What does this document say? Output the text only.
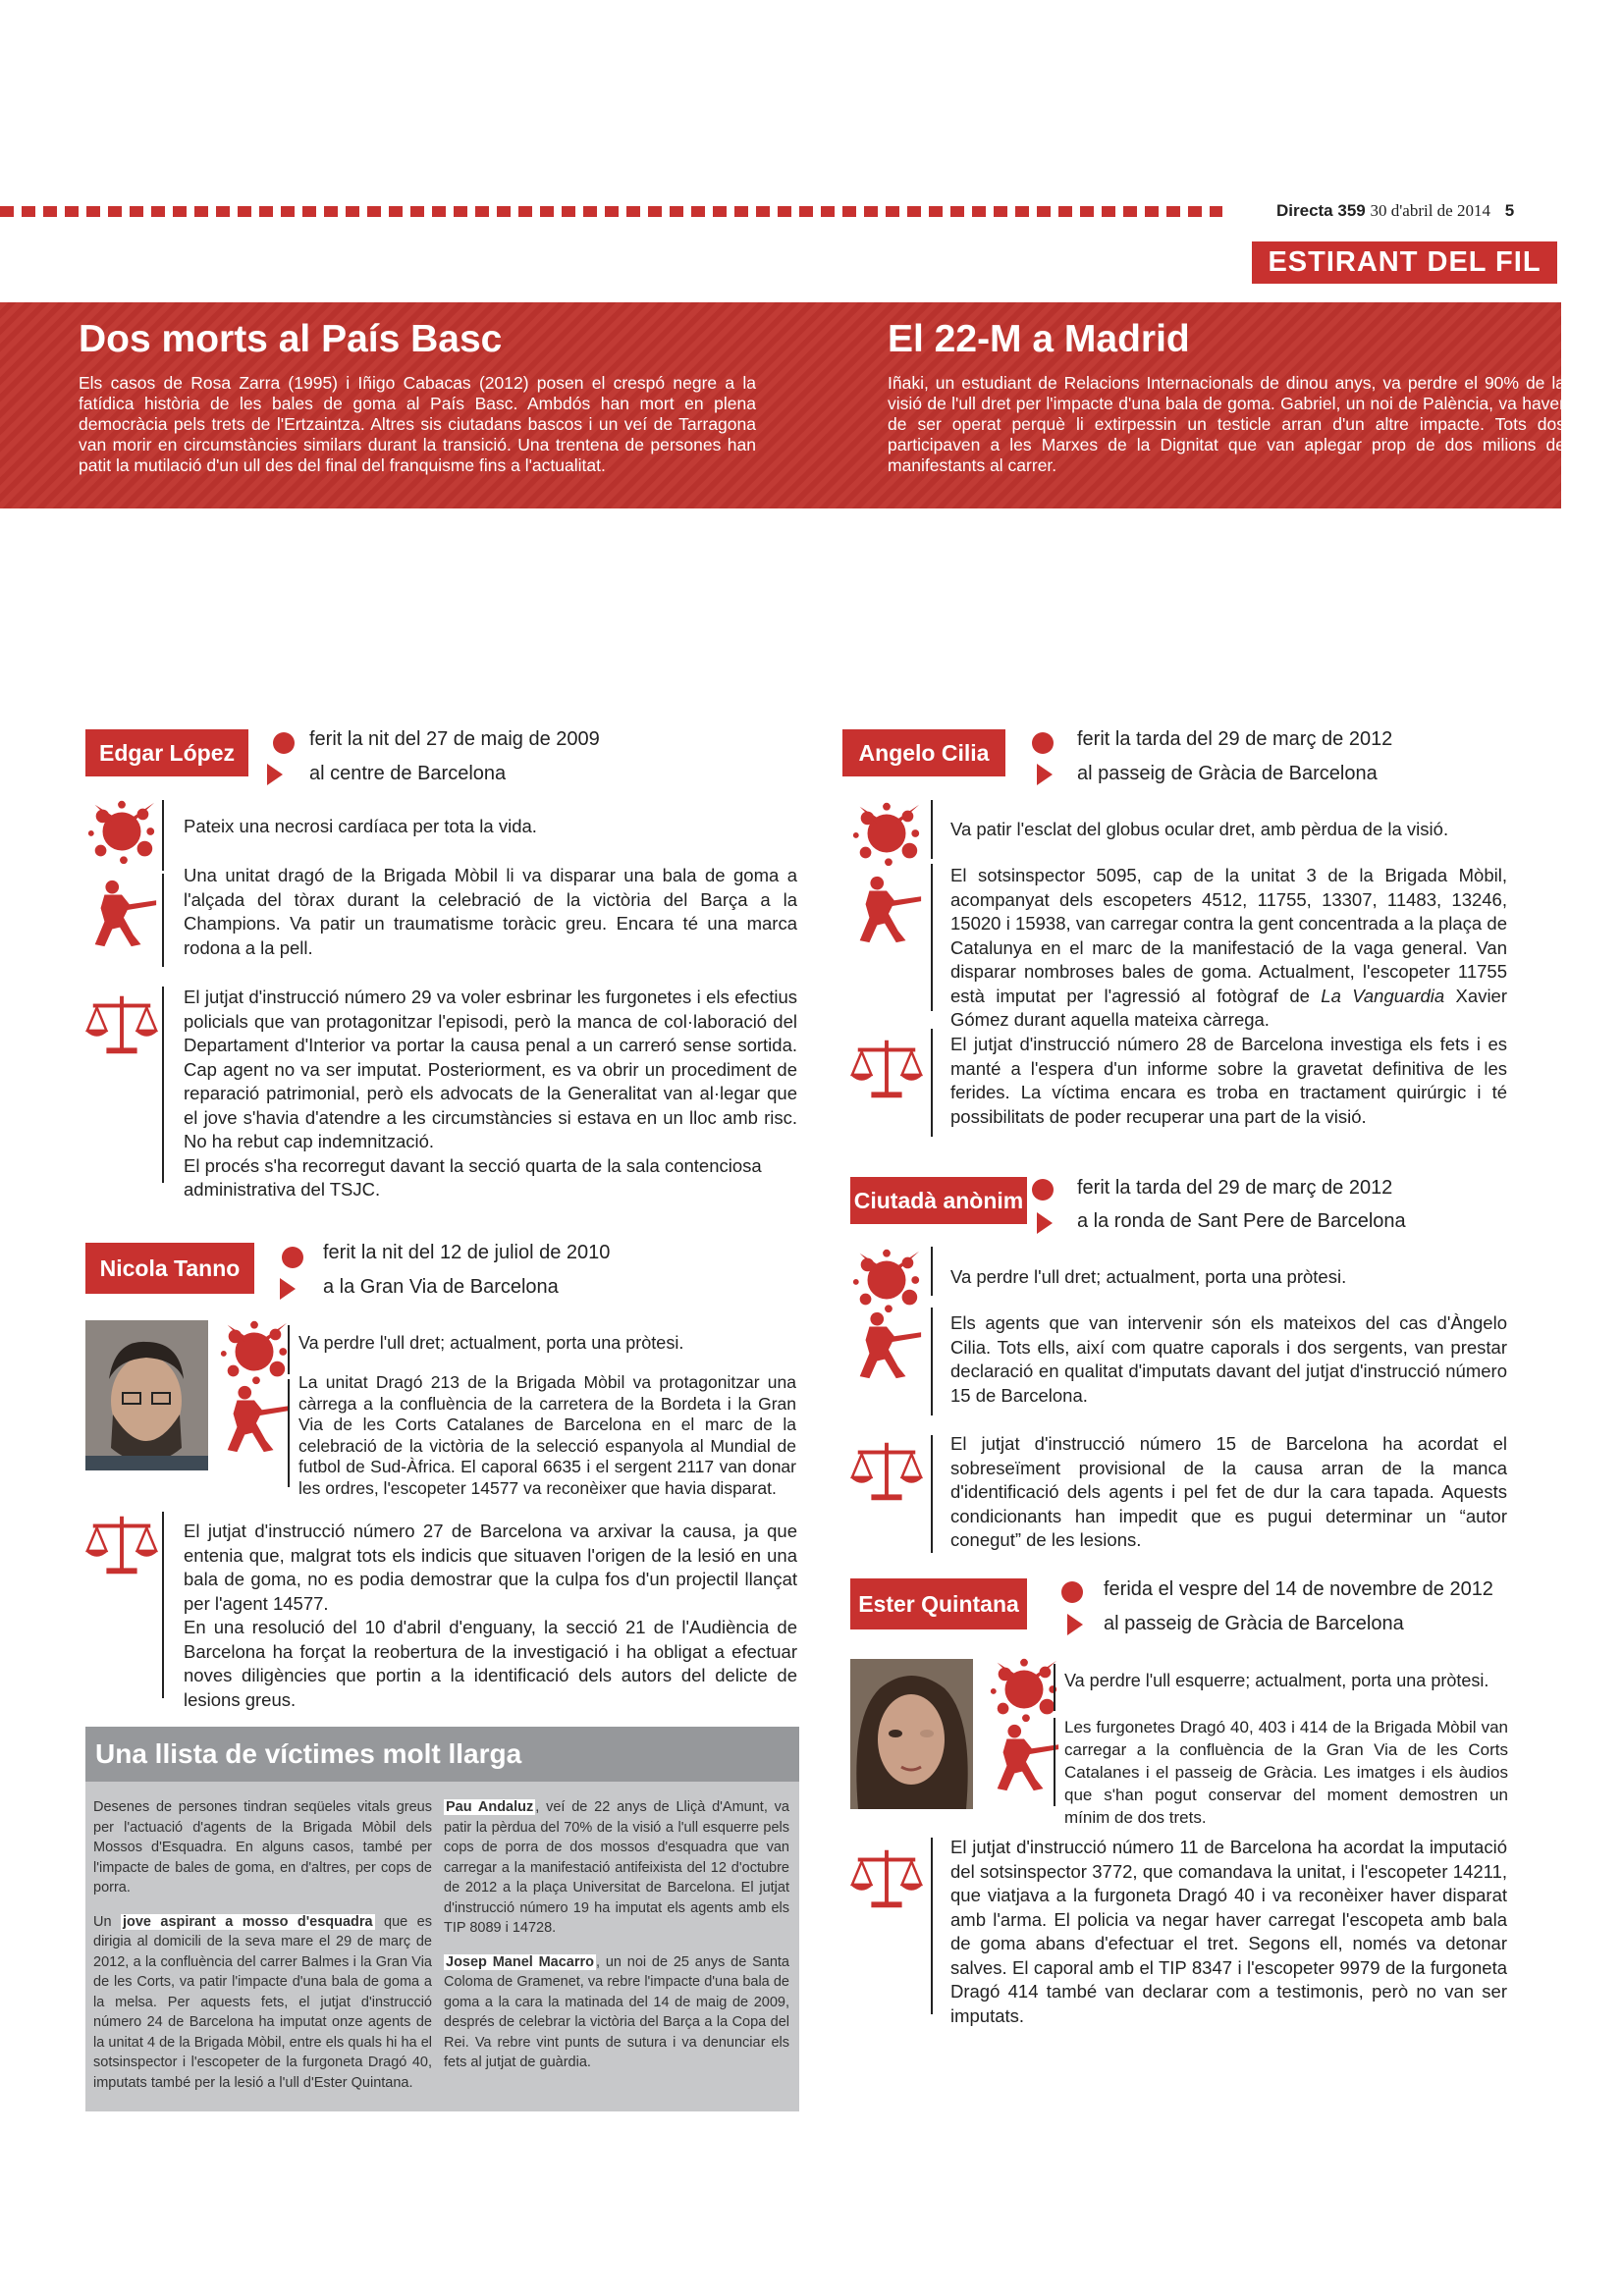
Directa 359 30 d'abril de 2014 5
ESTIRANT DEL FIL
Dos morts al País Basc

Els casos de Rosa Zarra (1995) i Iñigo Cabacas (2012) posen el crespó negre a la fatídica història de les bales de goma al País Basc. Ambdós han mort en plena democràcia pels trets de l'Ertzaintza. Altres sis ciutadans bascos i un veí de Tarragona van morir en circumstàncies similars durant la transició. Una trentena de persones han patit la mutilació d'un ull des del final del franquisme fins a l'actualitat.

El 22-M a Madrid

Iñaki, un estudiant de Relacions Internacionals de dinou anys, va perdre el 90% de la visió de l'ull dret per l'impacte d'una bala de goma. Gabriel, un noi de Palència, va haver de ser operat perquè li extirpessin un testicle arran d'un altre impacte. Tots dos participaven a les Marxes de la Dignitat que van aplegar prop de dos milions de manifestants al carrer.

Edgar López
ferit la nit del 27 de maig de 2009
al centre de Barcelona

Pateix una necrosi cardíaca per tota la vida.

Una unitat dragó de la Brigada Mòbil li va disparar una bala de goma a l'alçada del tòrax durant la celebració de la victòria del Barça a la Champions. Va patir un traumatisme toràcic greu. Encara té una marca rodona a la pell.

El jutjat d'instrucció número 29 va voler esbrinar les furgonetes i els efectius policials que van protagonitzar l'episodi, però la manca de col·laboració del Departament d'Interior va portar la causa penal a un carreró sense sortida. Cap agent no va ser imputat. Posteriorment, es va obrir un procediment de reparació patrimonial, però els advocats de la Generalitat van al·legar que el jove s'havia d'atendre a les circumstàncies si estava en un lloc amb risc. No ha rebut cap indemnització.

El procés s'ha recorregut davant la secció quarta de la sala contenciosa administrativa del TSJC.

Nicola Tanno
ferit la nit del 12 de juliol de 2010
a la Gran Via de Barcelona

Va perdre l'ull dret; actualment, porta una pròtesi.

La unitat Dragó 213 de la Brigada Mòbil va protagonitzar una càrrega a la confluència de la carretera de la Bordeta i la Gran Via de les Corts Catalanes de Barcelona en el marc de la celebració de la victòria de la selecció espanyola al Mundial de futbol de Sud-Àfrica. El caporal 6635 i el sergent 2117 van donar les ordres, l'escopeter 14577 va reconèixer que havia disparat.

El jutjat d'instrucció número 27 de Barcelona va arxivar la causa, ja que entenia que, malgrat tots els indicis que situaven l'origen de la lesió en una bala de goma, no es podia demostrar que la culpa fos d'un projectil llançat per l'agent 14577.

En una resolució del 10 d'abril d'enguany, la secció 21 de l'Audiència de Barcelona ha forçat la reobertura de la investigació i ha obligat a efectuar noves diligències que portin a la identificació dels autors del delicte de lesions greus.

Una llista de víctimes molt llarga

Desenes de persones tindran seqüeles vitals greus per l'actuació d'agents de la Brigada Mòbil dels Mossos d'Esquadra. En alguns casos, també per l'impacte de bales de goma, en d'altres, per cops de porra.

Un jove aspirant a mosso d'esquadra que es dirigia al domicili de la seva mare el 29 de març de 2012, a la confluència del carrer Balmes i la Gran Via de les Corts, va patir l'impacte d'una bala de goma a la melsa. Per aquests fets, el jutjat d'instrucció número 24 de Barcelona ha imputat onze agents de la unitat 4 de la Brigada Mòbil, entre els quals hi ha el sotsinspector i l'escopeter de la furgoneta Dragó 40, imputats també per la lesió a l'ull d'Ester Quintana.

Pau Andaluz , veí de 22 anys de Lliçà d'Amunt, va patir la pèrdua del 70% de la visió a l'ull esquerre pels cops de porra de dos mossos d'esquadra que van carregar a la manifestació antifeixista del 12 d'octubre de 2012 a la plaça Universitat de Barcelona. El jutjat d'instrucció número 19 ha imputat els agents amb els TIP 8089 i 14728.

Josep Manel Macarro , un noi de 25 anys de Santa Coloma de Gramenet, va rebre l'impacte d'una bala de goma a la cara la matinada del 14 de maig de 2009, després de celebrar la victòria del Barça a la Copa del Rei. Va rebre vint punts de sutura i va denunciar els fets al jutjat de guàrdia.

Angelo Cilia
ferit la tarda del 29 de març de 2012
al passeig de Gràcia de Barcelona

Va patir l'esclat del globus ocular dret, amb pèrdua de la visió.

El sotsinspector 5095, cap de la unitat 3 de la Brigada Mòbil, acompanyat dels escopeters 4512, 11755, 13307, 11483, 13246, 15020 i 15938, van carregar contra la gent concentrada a la plaça de Catalunya en el marc de la manifestació de la vaga general. Van disparar nombroses bales de goma. Actualment, l'escopeter 11755 està imputat per l'agressió al fotògraf de La Vanguardia Xavier Gómez durant aquella mateixa càrrega.

El jutjat d'instrucció número 28 de Barcelona investiga els fets i es manté a l'espera d'un informe sobre la gravetat definitiva de les ferides. La víctima encara es troba en tractament quirúrgic i té possibilitats de poder recuperar una part de la visió.

Ciutadà anònim	ferit la tarda del 29 de març de 2012
a la ronda de Sant Pere de Barcelona

Va perdre l'ull dret; actualment, porta una pròtesi.

Els agents que van intervenir són els mateixos del cas d'Àngelo Cilia. Tots ells, així com quatre caporals i dos sergents, van prestar declaració en qualitat d'imputats davant del jutjat d'instrucció número 15 de Barcelona.

El jutjat d'instrucció número 15 de Barcelona ha acordat el sobreseïment provisional de la causa arran de la manca d'identificació dels agents i pel fet de dur la cara tapada. Aquests condicionants han impedit que es pugui determinar un “autor conegut” de les lesions.

Ester Quintana
ferida el vespre del 14 de novembre de 2012
al passeig de Gràcia de Barcelona

Va perdre l'ull esquerre; actualment, porta una pròtesi.

Les furgonetes Dragó 40, 403 i 414 de la Brigada Mòbil van carregar a la confluència de la Gran Via de les Corts Catalanes i el passeig de Gràcia. Les imatges i els àudios que s'han pogut conservar del moment demostren un mínim de dos trets.

El jutjat d'instrucció número 11 de Barcelona ha acordat la imputació del sotsinspector 3772, que comandava la unitat, i l'escopeter 14211, que viatjava a la furgoneta Dragó 40 i va reconèixer haver disparat amb l'arma. El policia va negar haver carregat l'escopeta amb bala de goma abans d'efectuar el tret. Segons ell, només va detonar salves. El caporal amb el TIP 8347 i l'escopeter 9979 de la furgoneta Dragó 414 també van declarar com a testimonis, però no van ser imputats.
